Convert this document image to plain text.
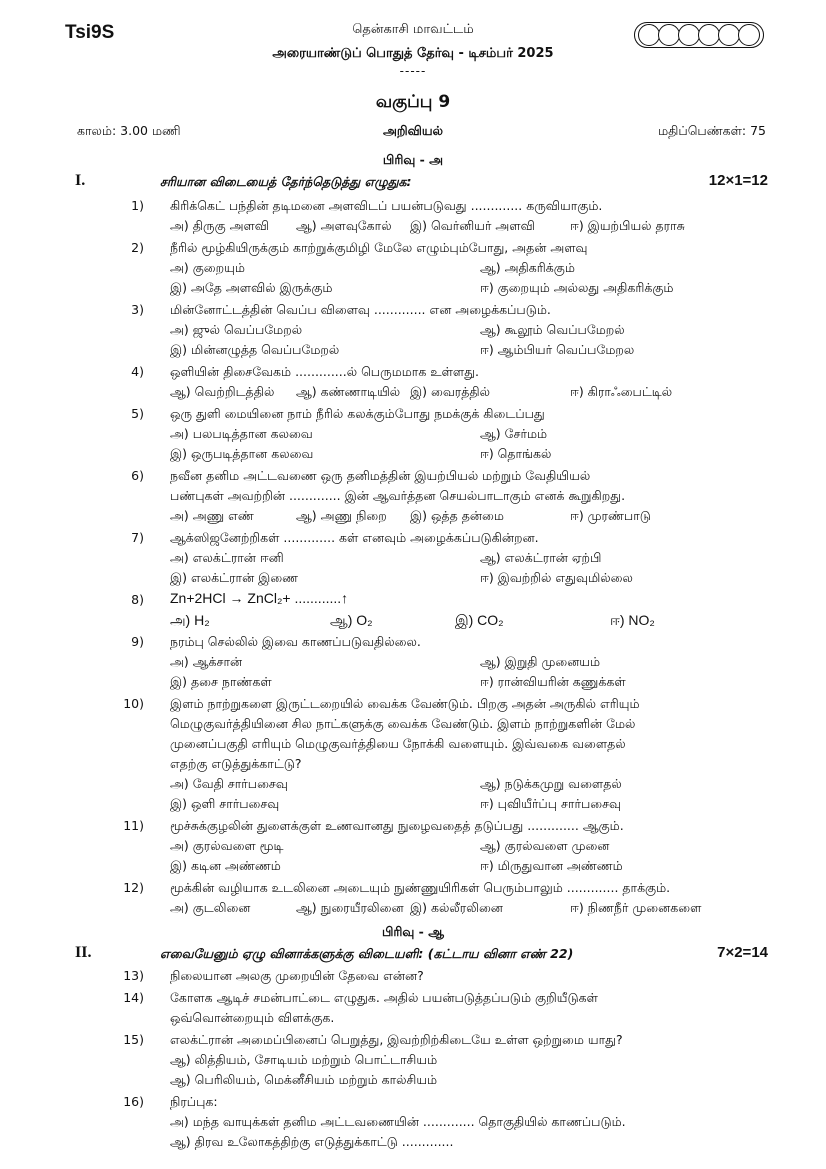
Tsi9S	தென்காசி மாவட்டம்
அரையாண்டுப் பொதுத் தேர்வு - டிசம்பர் 2025
-----
வகுப்பு 9
காலம்: 3.00 மணி	அறிவியல்	மதிப்பெண்கள்: 75
பிரிவு - அ
I.	சரியான விடையைத் தேர்ந்தெடுத்து எழுதுக:	12×1=12
1) கிரிக்கெட் பந்தின் தடிமனை அளவிடப் பயன்படுவது ............. கருவியாகும்.
அ) திருகு அளவி ஆ) அளவுகோல் இ) வெர்னியர் அளவி	ஈ) இயற்பியல் தராசு
2) நீரில் மூழ்கியிருக்கும் காற்றுக்குமிழி மேலே எழும்பும்போது, அதன் அளவு
அ) குறையும்	ஆ) அதிகரிக்கும்
இ) அதே அளவில் இருக்கும்	ஈ) குறையும் அல்லது அதிகரிக்கும்
3) மின்னோட்டத்தின் வெப்ப விளைவு ............. என அழைக்கப்படும்.
அ) ஜுல் வெப்பமேறல்	ஆ) கூலூம் வெப்பமேறல்
இ) மின்னழுத்த வெப்பமேறல்	ஈ) ஆம்பியர் வெப்பமேறல
4) ஒளியின் திசைவேகம் .............ல் பெருமமாக உள்ளது.
ஆ) வெற்றிடத்தில் ஆ) கண்ணாடியில் இ) வைரத்தில்	ஈ) கிராஃபைட்டில்
5) ஒரு துளி மையினை நாம் நீரில் கலக்கும்போது நமக்குக் கிடைப்பது
அ) பலபடித்தான கலவை	ஆ) சேர்மம்
இ) ஒருபடித்தான கலவை	ஈ) தொங்கல்
6) நவீன தனிம அட்டவணை ஒரு தனிமத்தின் இயற்பியல் மற்றும் வேதியியல்
பண்புகள் அவற்றின் ............. இன் ஆவர்த்தன செயல்பாடாகும் எனக் கூறுகிறது.
அ) அணு எண்	ஆ) அணு நிறை இ) ஒத்த தன்மை	ஈ) முரண்பாடு
7) ஆக்ஸிஜனேற்றிகள் ............. கள் எனவும் அழைக்கப்படுகின்றன.
அ) எலக்ட்ரான் ஈனி	ஆ) எலக்ட்ரான் ஏற்பி
இ) எலக்ட்ரான் இணை	ஈ) இவற்றில் எதுவுமில்லை
8) Zn+2HCl → ZnCl₂+ ............↑
அ) H₂	ஆ) O₂	இ) CO₂	ஈ) NO₂
9) நரம்பு செல்லில் இவை காணப்படுவதில்லை.
அ) ஆக்சான்	ஆ) இறுதி முனையம்
இ) தசை நாண்கள்	ஈ) ரான்வியரின் கணுக்கள்
10) இளம் நாற்றுகளை இருட்டறையில் வைக்க வேண்டும். பிறகு அதன் அருகில் எரியும்
மெழுகுவர்த்தியினை சில நாட்களுக்கு வைக்க வேண்டும். இளம் நாற்றுகளின் மேல்
முனைப்பகுதி எரியும் மெழுகுவர்த்தியை நோக்கி வளையும். இவ்வகை வளைதல்
எதற்கு எடுத்துக்காட்டு?
அ) வேதி சார்பசைவு	ஆ) நடுக்கமுறு வளைதல்
இ) ஒளி சார்பசைவு	ஈ) புவியீர்ப்பு சார்பசைவு
11) மூச்சுக்குழலின் துளைக்குள் உணவானது நுழைவதைத் தடுப்பது ............. ஆகும்.
அ) குரல்வளை மூடி	ஆ) குரல்வளை முனை
இ) கடின அண்ணம்	ஈ) மிருதுவான அண்ணம்
12) மூக்கின் வழியாக உடலினை அடையும் நுண்ணுயிரிகள் பெரும்பாலும் ............. தாக்கும்.
அ) குடலினை	ஆ) நுரையீரலினை இ) கல்லீரலினை	ஈ) நிணநீர் முனைகளை
பிரிவு - ஆ
II.	எவையேனும் ஏழு வினாக்களுக்கு விடையளி: (கட்டாய வினா எண் 22)	7×2=14
13) நிலையான அலகு முறையின் தேவை என்ன?
14) கோளக ஆடிச் சமன்பாட்டை எழுதுக. அதில் பயன்படுத்தப்படும் குறியீடுகள்
ஒவ்வொன்றையும் விளக்குக.
15) எலக்ட்ரான் அமைப்பினைப் பெறுத்து, இவற்றிற்கிடையே உள்ள ஒற்றுமை யாது?
ஆ) லித்தியம், சோடியம் மற்றும் பொட்டாசியம்
ஆ) பெரிலியம், மெக்னீசியம் மற்றும் கால்சியம்
16) நிரப்புக:
அ) மந்த வாயுக்கள் தனிம அட்டவணையின் ............. தொகுதியில் காணப்படும்.
ஆ) திரவ உலோகத்திற்கு எடுத்துக்காட்டு .............
